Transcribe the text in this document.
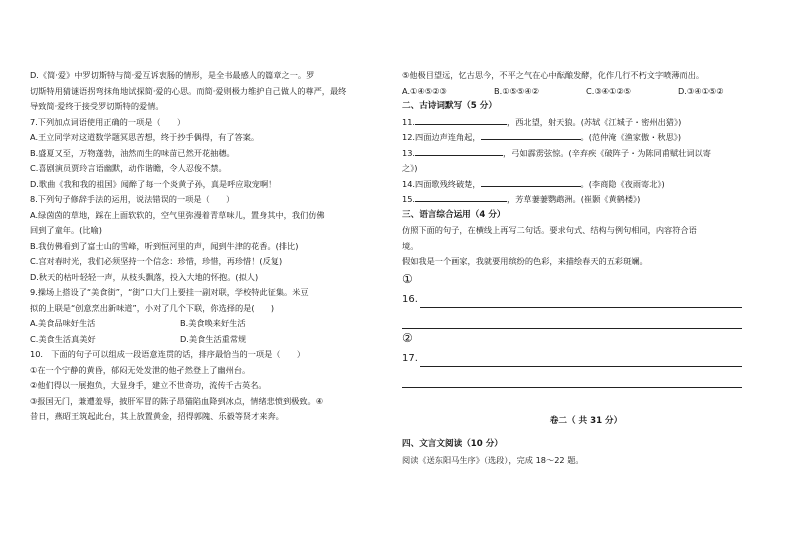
D.《简·爱》中罗切斯特与简·爱互诉衷肠的情形，是全书最感人的篇章之一。罗
切斯特用猜谜语拐弯抹角地试探简·爱的心思。而简·爱则极力维护自己做人的尊严，最终
导致简·爱终于接受罗切斯特的爱情。
7.下列加点词语使用正确的一项是（　　）
A.王立同学对这道数学题冥思苦想，终于抄手偶得，有了答案。
B.盛夏又至，万物蓬勃，油然而生的味苗已然开花抽穗。
C.喜剧演员贾玲言语幽默，动作谐瞻，令人忍俊不禁。
D.歌曲《我和我的祖国》闻醉了每一个炎黄子孙，真是呼应取宠啊！
8.下列句子修辞手法的运用，说法错误的一项是（　　）
A.绿茵茵的草地，踩在上面软软的，空气里弥漫着青草味儿，置身其中，我们仿佛
回到了童年。(比喻)
B.我仿佛看到了富士山的雪峰，听到恒河里的声，闻到牛津的花香。(排比)
C.宫对春时光，我们必须坚持一个信念：珍惜，珍惜，再珍惜！(反复)
D.秋天的枯叶轻轻一声，从枝头飘落，投入大地的怀抱。(拟人)
9.操场上搭设了“美食街”，“街”口大门上要挂一副对联，学校特此征集。米豆
拟的上联是“创意烹出新味道”，小对了几个下联，你选择的是(　　)
A.美食品味好生活	B.美食唤来好生活
C.美食生活真美好	D.美食生活重常规
10.　下面的句子可以组成一段语意连贯的话，排序最恰当的一项是（　　）
①在一个宁静的黄昏，郁闷无处发泄的他孑然登上了幽州台。
②他们得以一展抱负，大显身手，建立不世奇功，流传千古英名。
③报国无门，兼遭羞辱，披肝军冒的陈子昂猫陷血降到冰点，情绪悲愤到极致。④
昔日，燕昭王筑起此台，其上放置黄金，招得郭隗、乐毅等贤才来奔。
⑤他极目望远，忆古思今，不平之气在心中酝酿发酵，化作几行不朽文字喷薄而出。
A.①④⑤②③	B.①⑤⑤④②	C.③④①②⑤	D.③④①⑤②
二、古诗词默写（5 分）
11.	，西北望，射天狼。(苏轼《江城子・密州出猎》)
12.四面边声连角起，	。(范仲淹《渔家傲・秋思》)
13.	，弓如霹雳弦惊。(辛弃疾《破阵子・为陈同甫赋壮词以寄
之》)
14.四面歌残终破楚，	。(李商隐《夜雨寄北》)
15.	，芳草萋萋鹦鹉洲。(崔颢《黄鹤楼》)
三、语言综合运用（4 分）
仿照下面的句子，在横线上再写二句话。要求句式、结构与例句相同，内容符合语
境。
假如我是一个画家，我就要用缤纷的色彩，来描绘春天的五彩斑斓。
①
16.
②
17.
卷二（ 共 31 分）
四、文言文阅读（10 分）
阅读《送东阳马生序》（选段），完成 18～22 题。
